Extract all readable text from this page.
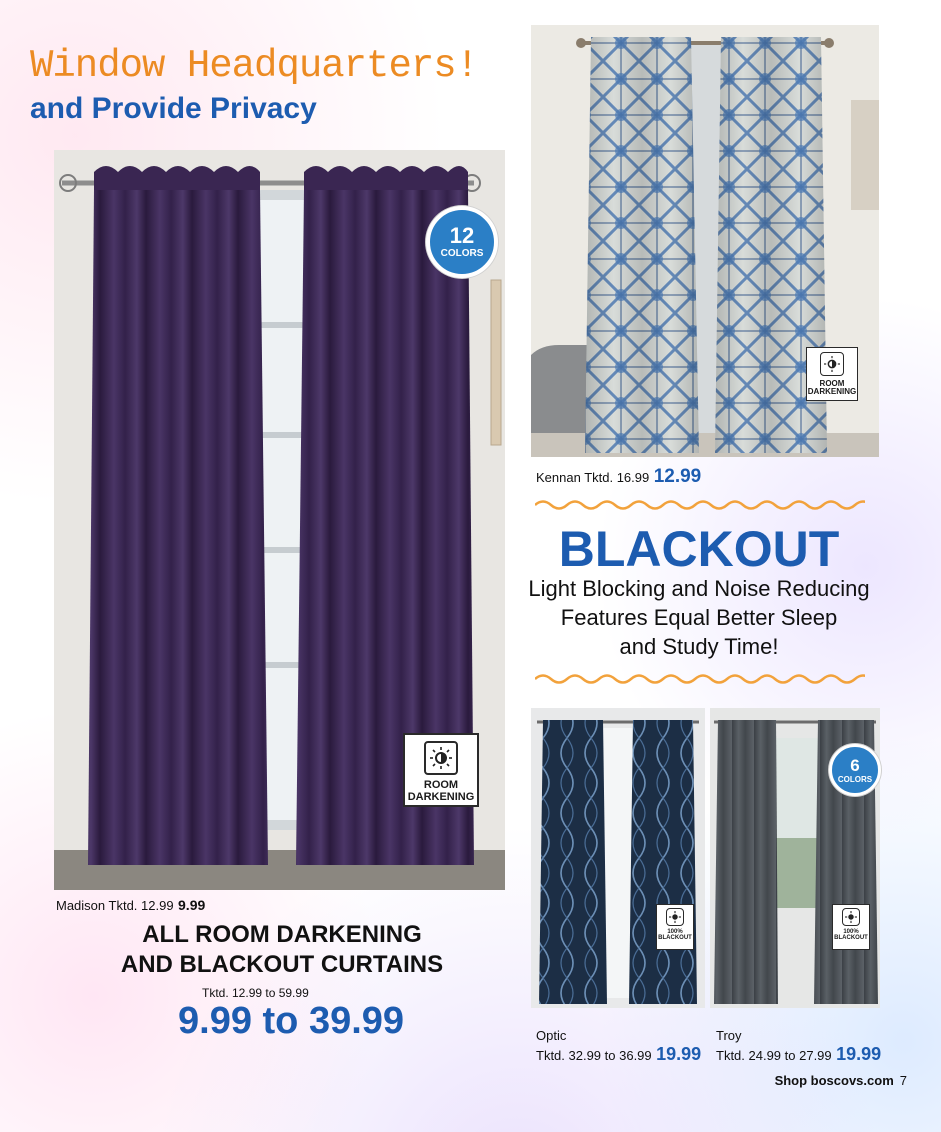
Window Headquarters!
and Provide Privacy
12
COLORS
ROOM
DARKENING
Madison Tktd. 12.99 9.99
ALL ROOM DARKENING
AND BLACKOUT CURTAINS
Tktd. 12.99 to 59.99
9.99 to 39.99
ROOM
DARKENING
Kennan Tktd. 16.99 12.99
BLACKOUT
Light Blocking and Noise Reducing
Features Equal Better Sleep
and Study Time!
100%
BLACKOUT
6
COLORS
100%
BLACKOUT
Optic
Tktd. 32.99 to 36.99 19.99
Troy
Tktd. 24.99 to 27.99 19.99
Shop boscovs.com 7
